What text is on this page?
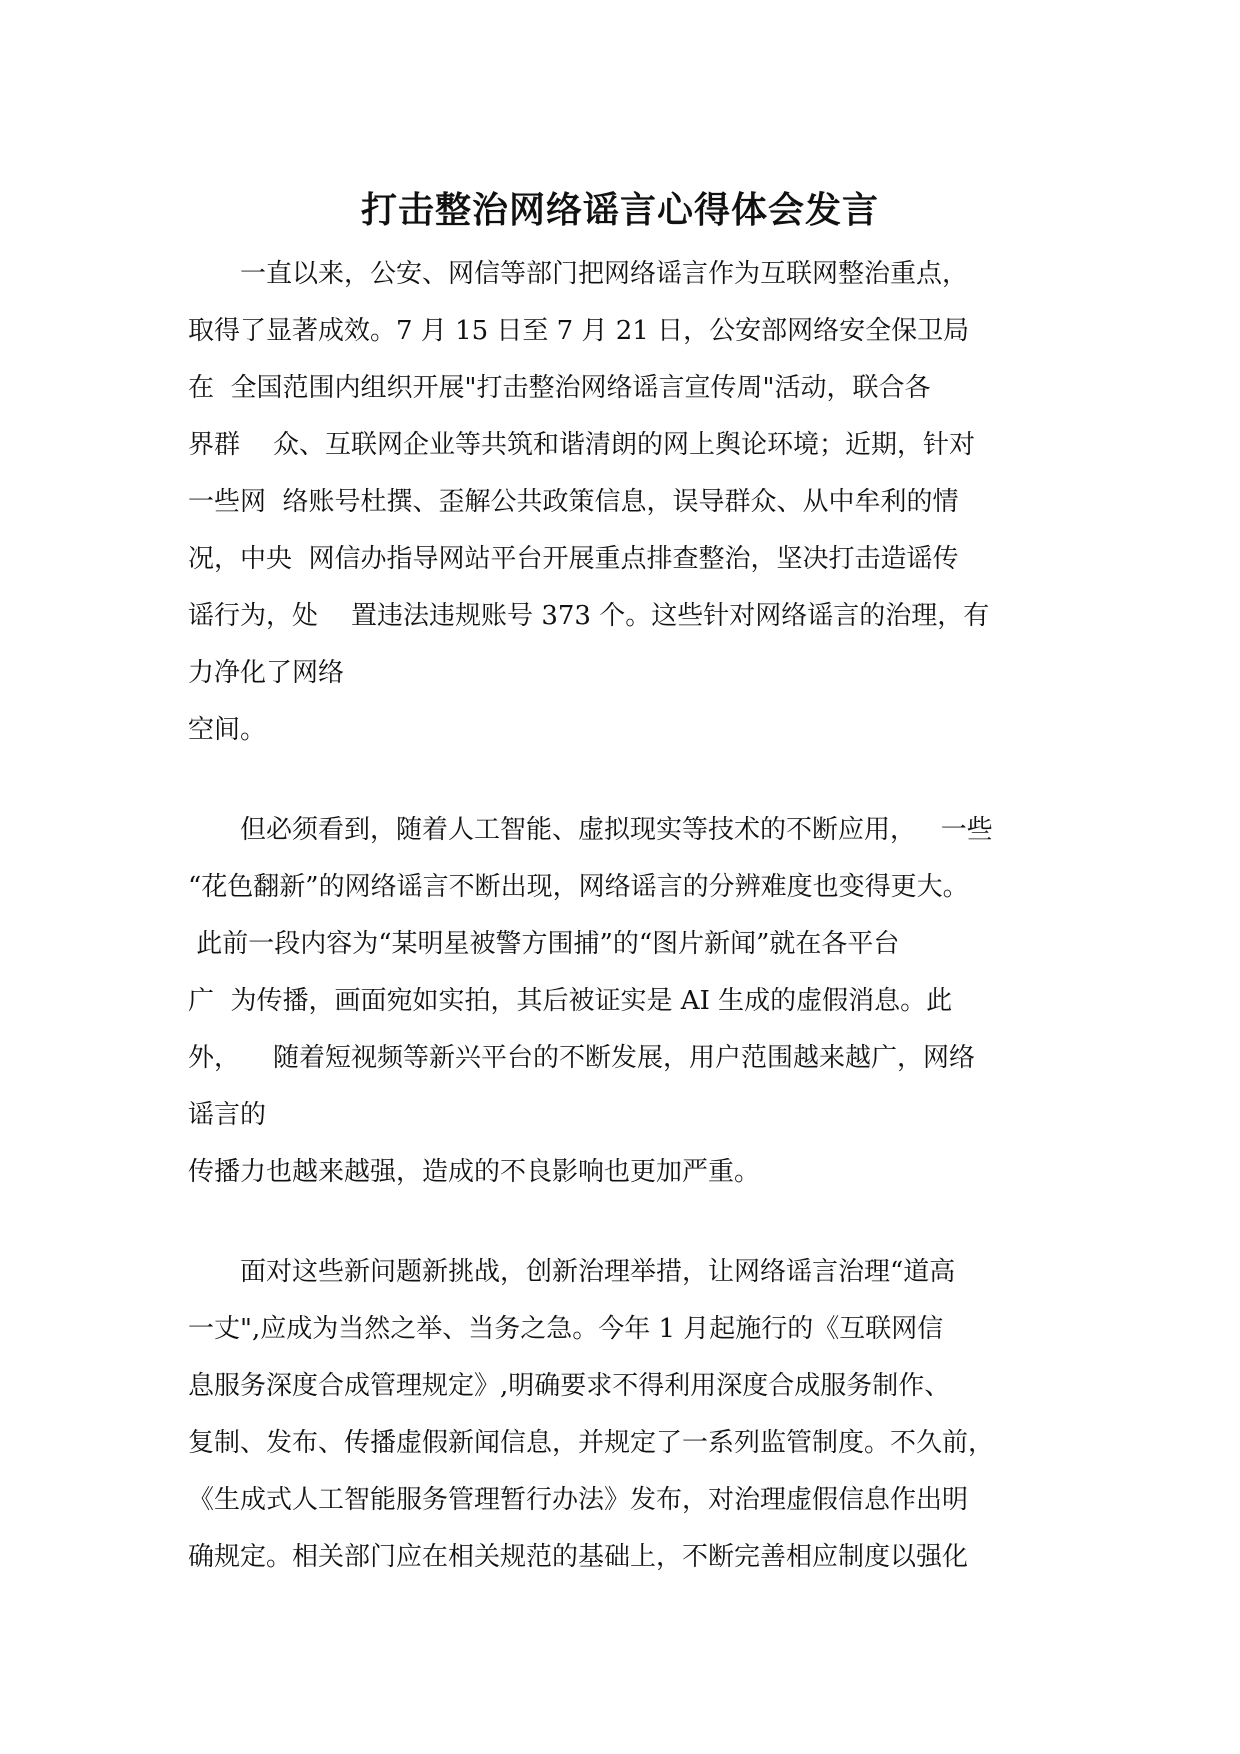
打击整治网络谣言心得体会发言
一直以来，公安、网信等部门把网络谣言作为互联网整治重点，
取得了显著成效。7 月 15 日至 7 月 21 日，公安部网络安全保卫局
在  全国范围内组织开展"打击整治网络谣言宣传周"活动，联合各
界群    众、互联网企业等共筑和谐清朗的网上舆论环境；近期，针对
一些网  络账号杜撰、歪解公共政策信息，误导群众、从中牟利的情
况，中央  网信办指导网站平台开展重点排查整治，坚决打击造谣传
谣行为，处    置违法违规账号 373 个。这些针对网络谣言的治理，有
力净化了网络
空间。
但必须看到，随着人工智能、虚拟现实等技术的不断应用，   一些
“花色翻新”的网络谣言不断出现，网络谣言的分辨难度也变得更大。
此前一段内容为“某明星被警方围捕”的“图片新闻”就在各平台
广  为传播，画面宛如实拍，其后被证实是 AI 生成的虚假消息。此
外，    随着短视频等新兴平台的不断发展，用户范围越来越广，网络
谣言的
传播力也越来越强，造成的不良影响也更加严重。
面对这些新问题新挑战，创新治理举措，让网络谣言治理“道高
一丈",应成为当然之举、当务之急。今年 1 月起施行的《互联网信
息服务深度合成管理规定》,明确要求不得利用深度合成服务制作、
复制、发布、传播虚假新闻信息，并规定了一系列监管制度。不久前，
《生成式人工智能服务管理暂行办法》发布，对治理虚假信息作出明
确规定。相关部门应在相关规范的基础上，不断完善相应制度以强化
